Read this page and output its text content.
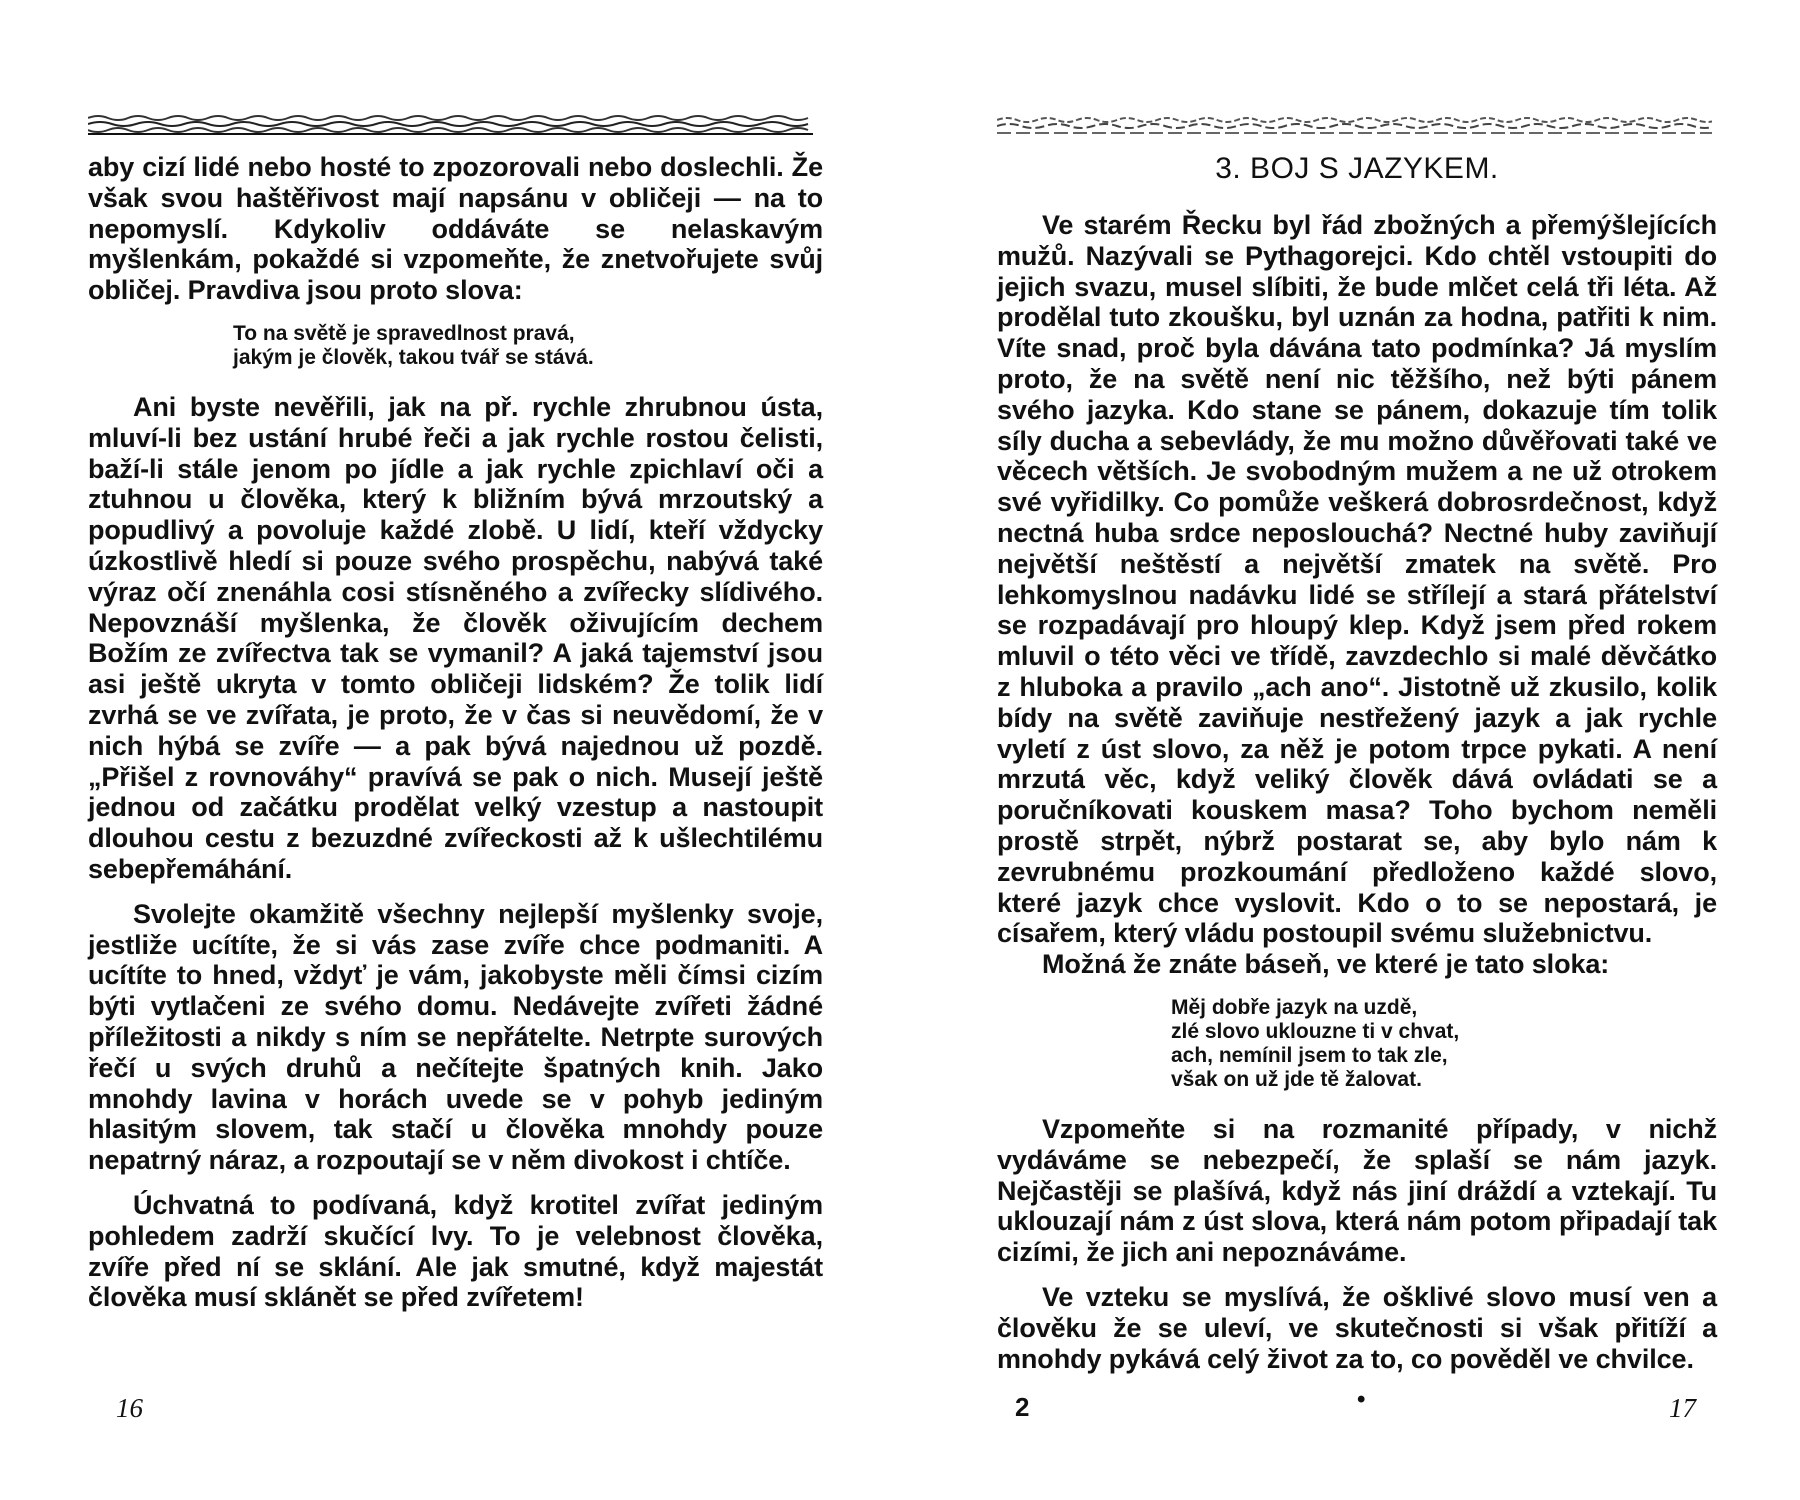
aby cizí lidé nebo hosté to zpozorovali nebo doslechli. Že však svou haštěřivost mají napsánu v obličeji — na to nepomyslí. Kdykoliv oddáváte se nelaskavým myšlenkám, pokaždé si vzpomeňte, že znetvořujete svůj obličej. Pravdiva jsou proto slova:

To na světě je spravedlnost pravá,
jakým je člověk, takou tvář se stává.

Ani byste nevěřili, jak na př. rychle zhrubnou ústa, mluví-li bez ustání hrubé řeči a jak rychle rostou čelisti, baží-li stále jenom po jídle a jak rychle zpichlaví oči a ztuhnou u člověka, který k bližním bývá mrzoutský a popudlivý a povoluje každé zlobě. U lidí, kteří vždycky úzkostlivě hledí si pouze svého prospěchu, nabývá také výraz očí znenáhla cosi stísněného a zvířecky slídivého. Nepovznáší myšlenka, že člověk oživujícím dechem Božím ze zvířectva tak se vymanil? A jaká tajemství jsou asi ještě ukryta v tomto obličeji lidském? Že tolik lidí zvrhá se ve zvířata, je proto, že v čas si neuvědomí, že v nich hýbá se zvíře — a pak bývá najednou už pozdě. „Přišel z rovnováhy“ pravívá se pak o nich. Musejí ještě jednou od začátku prodělat velký vzestup a nastoupit dlouhou cestu z bezuzdné zvířeckosti až k ušlechtilému sebepřemáhání.

Svolejte okamžitě všechny nejlepší myšlenky svoje, jestliže ucítíte, že si vás zase zvíře chce podmaniti. A ucítíte to hned, vždyť je vám, jakobyste měli čímsi cizím býti vytlačeni ze svého domu. Nedávejte zvířeti žádné příležitosti a nikdy s ním se nepřátelte. Netrpte surových řečí u svých druhů a nečítejte špatných knih. Jako mnohdy lavina v horách uvede se v pohyb jediným hlasitým slovem, tak stačí u člověka mnohdy pouze nepatrný náraz, a rozpoutají se v něm divokost i chtíče.

Úchvatná to podívaná, když krotitel zvířat jediným pohledem zadrží skučící lvy. To je velebnost člověka, zvíře před ní se sklání. Ale jak smutné, když majestát člověka musí sklánět se před zvířetem!

16
3. BOJ S JAZYKEM.

Ve starém Řecku byl řád zbožných a přemýšlejících mužů. Nazývali se Pythagorejci. Kdo chtěl vstoupiti do jejich svazu, musel slíbiti, že bude mlčet celá tři léta. Až prodělal tuto zkoušku, byl uznán za hodna, patřiti k nim. Víte snad, proč byla dávána tato podmínka? Já myslím proto, že na světě není nic těžšího, než býti pánem svého jazyka. Kdo stane se pánem, dokazuje tím tolik síly ducha a sebevlády, že mu možno důvěřovati také ve věcech větších. Je svobodným mužem a ne už otrokem své vyřidilky. Co pomůže veškerá dobrosrdečnost, když nectná huba srdce neposlouchá? Nectné huby zaviňují největší neštěstí a největší zmatek na světě. Pro lehkomyslnou nadávku lidé se střílejí a stará přátelství se rozpadávají pro hloupý klep. Když jsem před rokem mluvil o této věci ve třídě, zavzdechlo si malé děvčátko z hluboka a pravilo „ach ano“. Jistotně už zkusilo, kolik bídy na světě zaviňuje nestřežený jazyk a jak rychle vyletí z úst slovo, za něž je potom trpce pykati. A není mrzutá věc, když veliký člověk dává ovládati se a poručníkovati kouskem masa? Toho bychom neměli prostě strpět, nýbrž postarat se, aby bylo nám k zevrubnému prozkoumání předloženo každé slovo, které jazyk chce vyslovit. Kdo o to se nepostará, je císařem, který vládu postoupil svému služebnictvu.

Možná že znáte báseň, ve které je tato sloka:

Měj dobře jazyk na uzdě,
zlé slovo uklouzne ti v chvat,
ach, nemínil jsem to tak zle,
však on už jde tě žalovat.

Vzpomeňte si na rozmanité případy, v nichž vydáváme se nebezpečí, že splaší se nám jazyk. Nejčastěji se plašívá, když nás jiní dráždí a vztekají. Tu uklouzají nám z úst slova, která nám potom připadají tak cizími, že jich ani nepoznáváme.

Ve vzteku se myslívá, že ošklivé slovo musí ven a člověku že se uleví, ve skutečnosti si však přitíží a mnohdy pykává celý život za to, co pověděl ve chvilce.

2	•	17
